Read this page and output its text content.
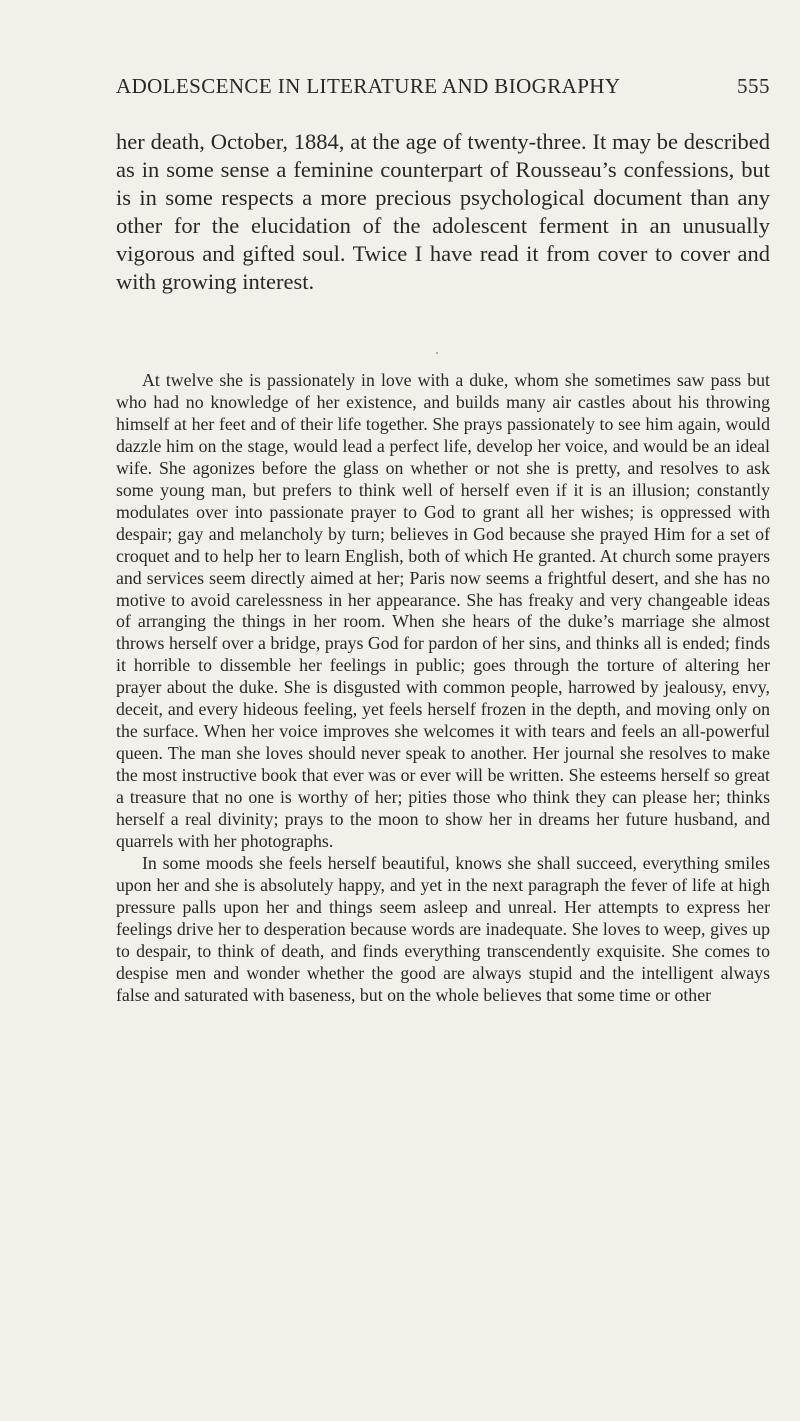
ADOLESCENCE IN LITERATURE AND BIOGRAPHY	555

her death, October, 1884, at the age of twenty-three. It may be described as in some sense a feminine counterpart of Rousseau’s confessions, but is in some respects a more precious psychological document than any other for the elucidation of the adolescent ferment in an unusually vigorous and gifted soul. Twice I have read it from cover to cover and with growing interest.

At twelve she is passionately in love with a duke, whom she sometimes saw pass but who had no knowledge of her existence, and builds many air castles about his throwing himself at her feet and of their life together. She prays passionately to see him again, would dazzle him on the stage, would lead a perfect life, develop her voice, and would be an ideal wife. She agonizes before the glass on whether or not she is pretty, and resolves to ask some young man, but prefers to think well of herself even if it is an illusion; constantly modulates over into passionate prayer to God to grant all her wishes; is oppressed with despair; gay and melancholy by turn; believes in God because she prayed Him for a set of croquet and to help her to learn English, both of which He granted. At church some prayers and services seem directly aimed at her; Paris now seems a frightful desert, and she has no motive to avoid carelessness in her appearance. She has freaky and very changeable ideas of arranging the things in her room. When she hears of the duke’s marriage she almost throws herself over a bridge, prays God for pardon of her sins, and thinks all is ended; finds it horrible to dissemble her feelings in public; goes through the torture of altering her prayer about the duke. She is disgusted with common people, harrowed by jealousy, envy, deceit, and every hideous feeling, yet feels herself frozen in the depth, and moving only on the surface. When her voice improves she welcomes it with tears and feels an all-powerful queen. The man she loves should never speak to another. Her journal she resolves to make the most instructive book that ever was or ever will be written. She esteems herself so great a treasure that no one is worthy of her; pities those who think they can please her; thinks herself a real divinity; prays to the moon to show her in dreams her future husband, and quarrels with her photographs.

In some moods she feels herself beautiful, knows she shall succeed, everything smiles upon her and she is absolutely happy, and yet in the next paragraph the fever of life at high pressure palls upon her and things seem asleep and unreal. Her attempts to express her feelings drive her to desperation because words are inadequate. She loves to weep, gives up to despair, to think of death, and finds everything transcendently exquisite. She comes to despise men and wonder whether the good are always stupid and the intelligent always false and saturated with baseness, but on the whole believes that some time or other
